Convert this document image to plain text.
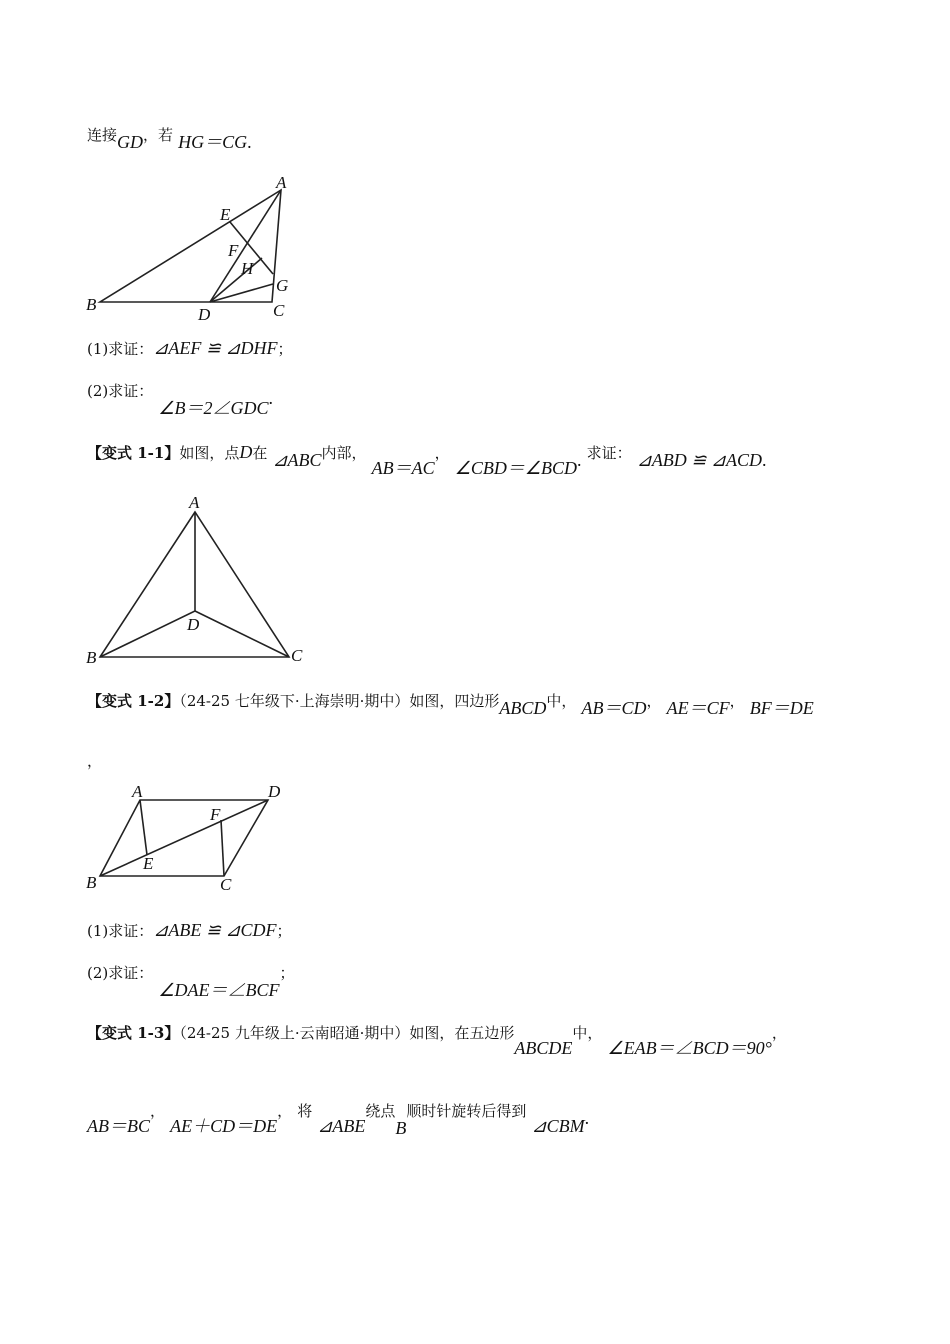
连接GD，若 HG＝CG.
A
B	C
D
E
F
H
G
A
B	C
D
A
B	C
D
E
F
(1)求证：⊿AEF ≌ ⊿DHF；
(2)求证： ∠B＝2∠GDC.
【变式 1-1】如图，点D在 ⊿ABC内部， AB＝AC， ∠CBD＝∠BCD. 求证： ⊿ABD ≌ ⊿ACD.
【变式 1-2】（24-25 七年级下·上海崇明·期中）如图，四边形ABCD中， AB＝CD， AE＝CF， BF＝DE
，
(1)求证：⊿ABE ≌ ⊿CDF；
(2)求证： ∠DAE＝∠BCF；
【变式 1-3】（24-25 九年级上·云南昭通·期中）如图，在五边形ABCDE中， ∠EAB＝∠BCD＝90°，
AB＝BC， AE＋CD＝DE， 将 ⊿ABE绕点B顺时针旋转后得到 ⊿CBM.
